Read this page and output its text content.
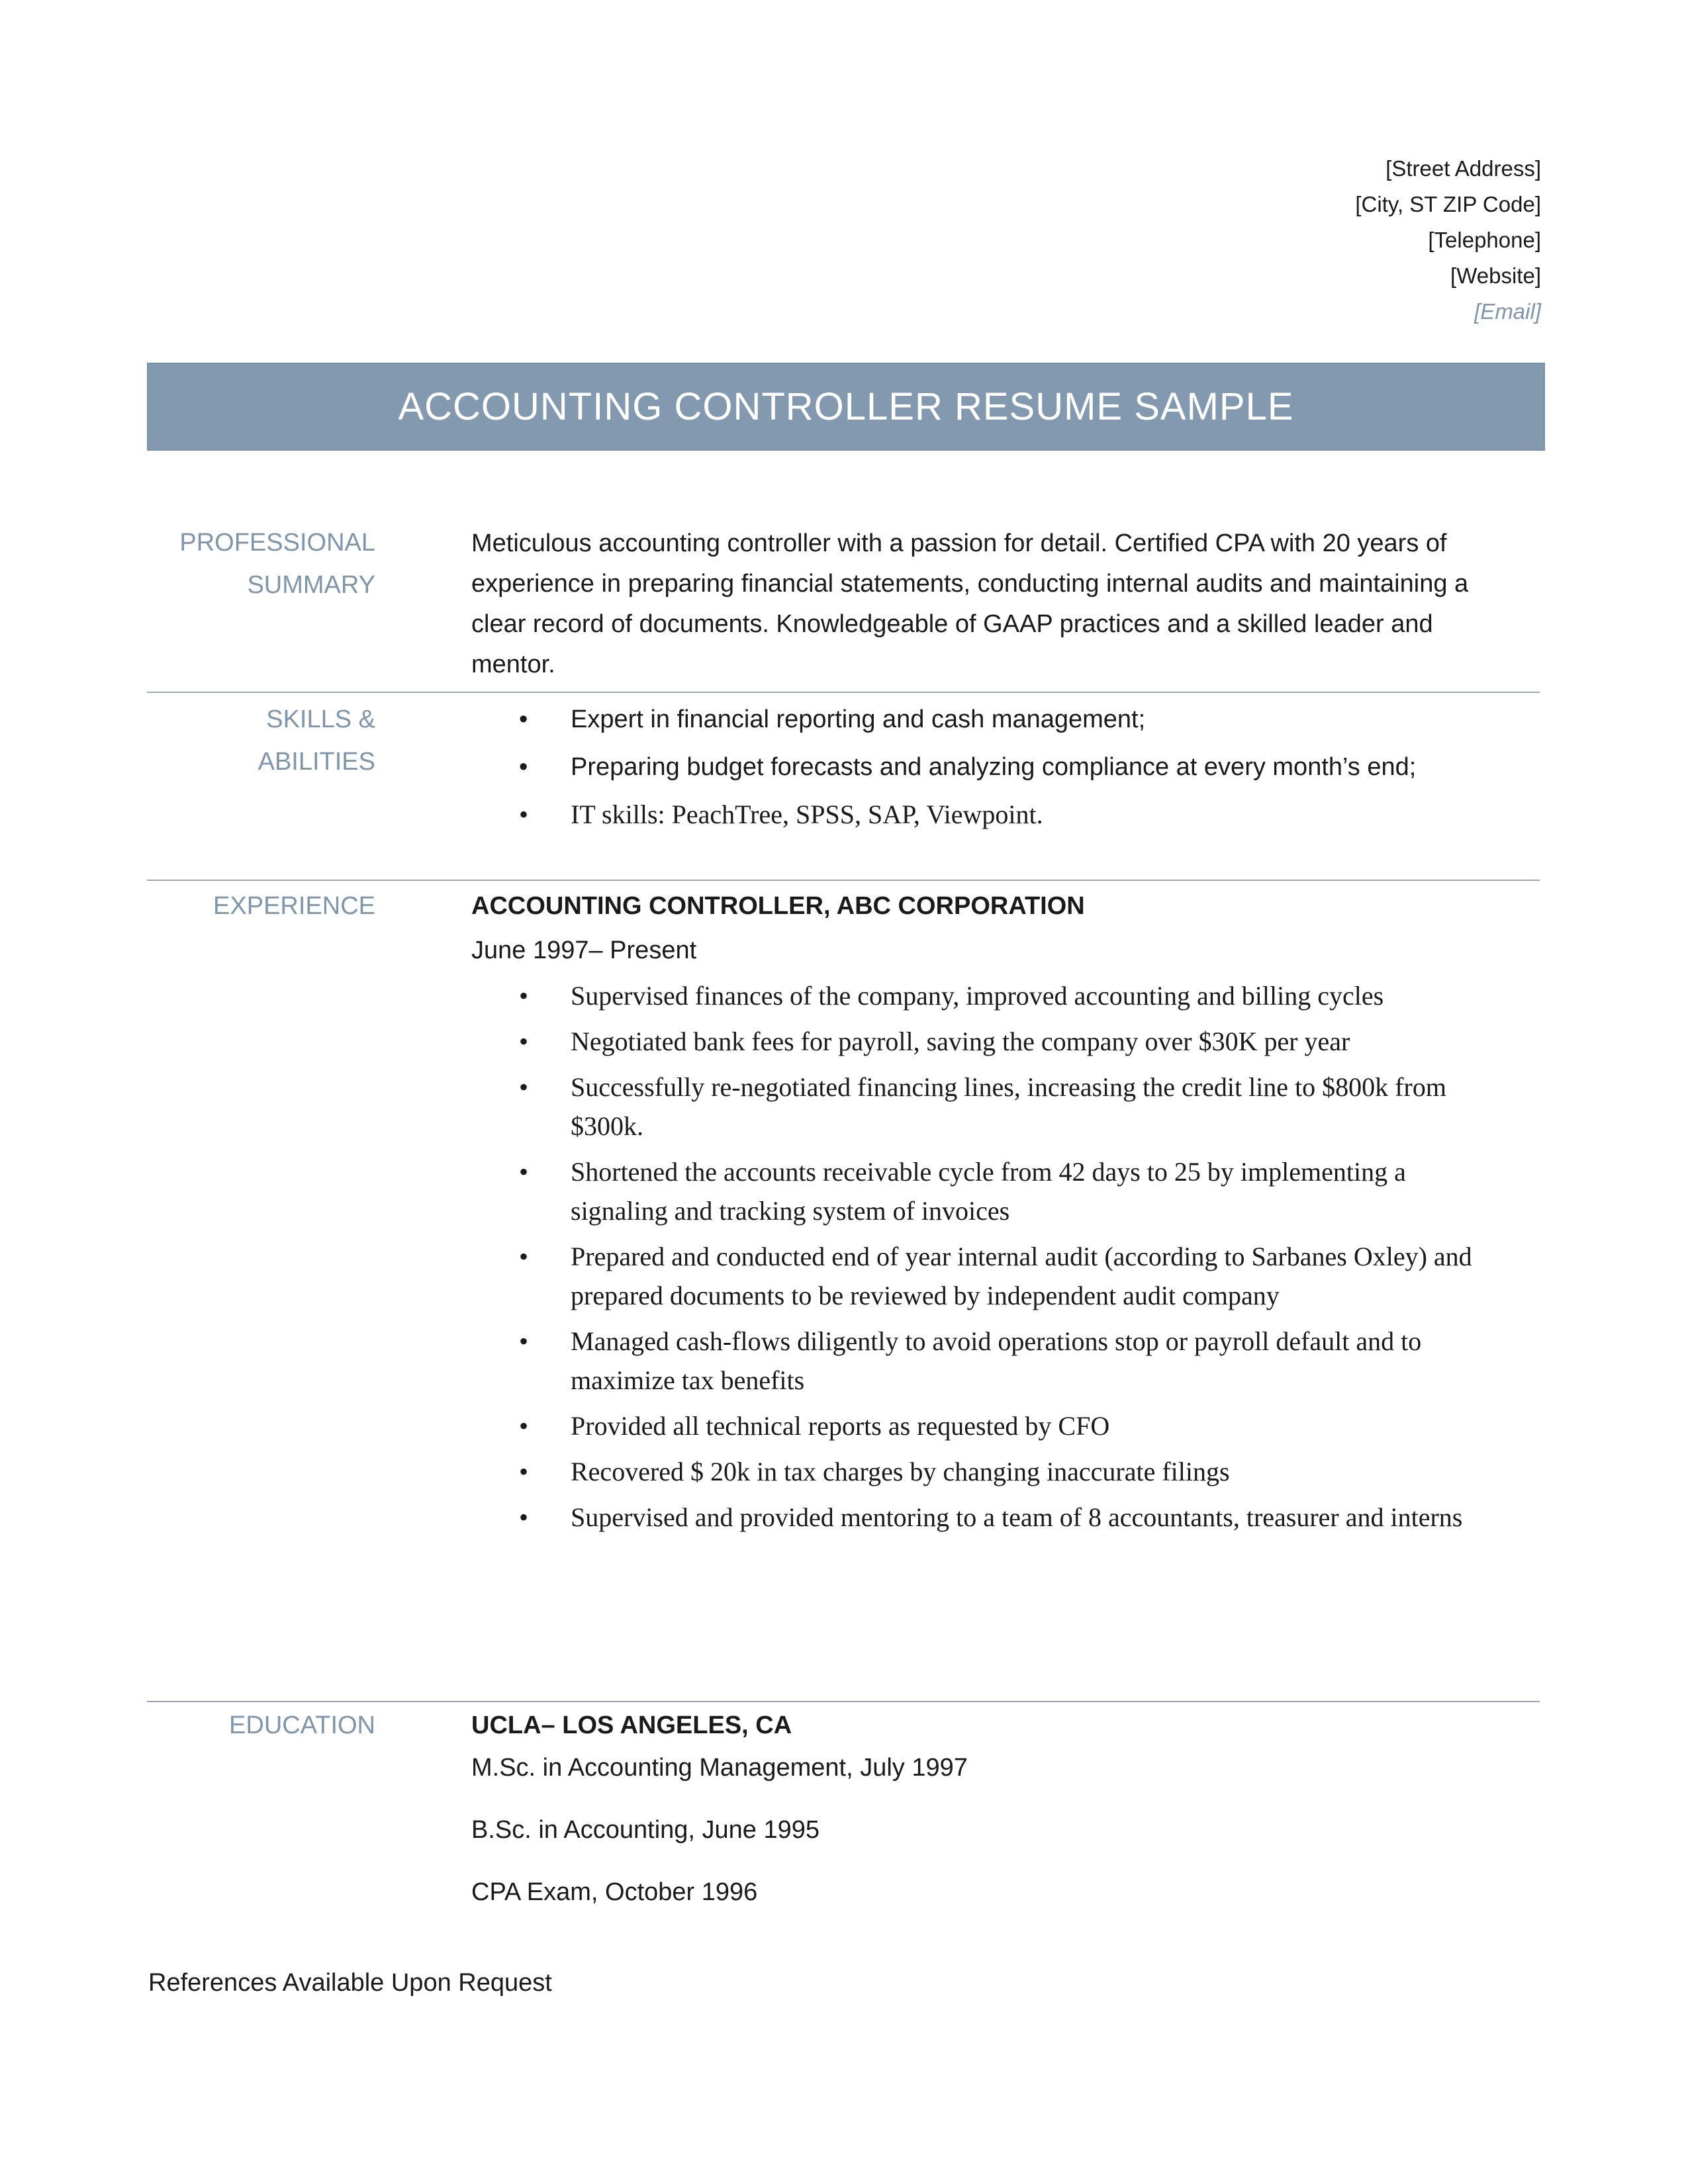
[Street Address]
[City, ST ZIP Code]
[Telephone]
[Website]
[Email]
ACCOUNTING CONTROLLER RESUME SAMPLE
PROFESSIONAL
SUMMARY

Meticulous accounting controller with a passion for detail. Certified CPA with 20 years of experience in preparing financial statements, conducting internal audits and maintaining a clear record of documents. Knowledgeable of GAAP practices and a skilled leader and mentor.

SKILLS & ABILITIES
• Expert in financial reporting and cash management;
• Preparing budget forecasts and analyzing compliance at every month’s end;
• IT skills: PeachTree, SPSS, SAP, Viewpoint.
EXPERIENCE	ACCOUNTING CONTROLLER, ABC CORPORATION

June 1997– Present

• Supervised finances of the company, improved accounting and billing cycles
• Negotiated bank fees for payroll, saving the company over $30K per year
• Successfully re-negotiated financing lines, increasing the credit line to $800k from $300k.
• Shortened the accounts receivable cycle from 42 days to 25 by implementing a signaling and tracking system of invoices
• Prepared and conducted end of year internal audit (according to Sarbanes Oxley) and prepared documents to be reviewed by independent audit company
• Managed cash-flows diligently to avoid operations stop or payroll default and to maximize tax benefits
• Provided all technical reports as requested by CFO
• Recovered $ 20k in tax charges by changing inaccurate filings
• Supervised and provided mentoring to a team of 8 accountants, treasurer and interns
EDUCATION	UCLA– LOS ANGELES, CA

M.Sc. in Accounting Management, July 1997

B.Sc. in Accounting, June 1995

CPA Exam, October 1996

References Available Upon Request
